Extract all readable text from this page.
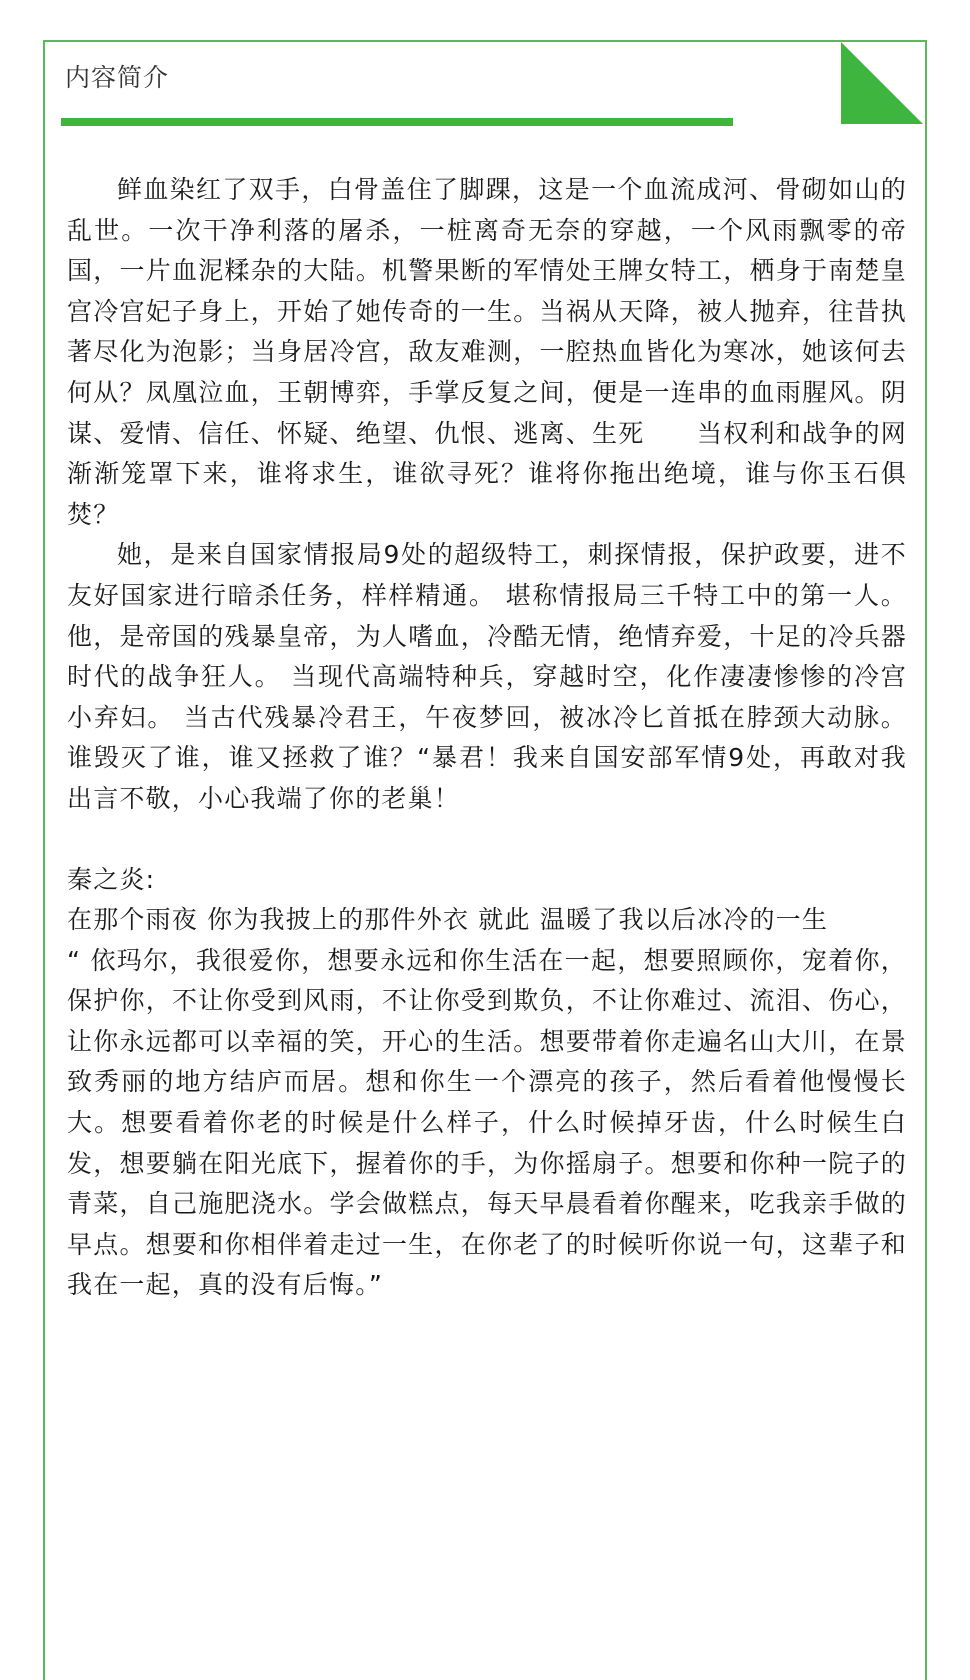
内容简介

鲜血染红了双手，白骨盖住了脚踝，这是一个血流成河、骨砌如山的乱世。一次干净利落的屠杀，一桩离奇无奈的穿越，一个风雨飘零的帝国，一片血泥糅杂的大陆。机警果断的军情处王牌女特工，栖身于南楚皇宫冷宫妃子身上，开始了她传奇的一生。当祸从天降，被人抛弃，往昔执著尽化为泡影；当身居冷宫，敌友难测，一腔热血皆化为寒冰，她该何去何从？凤凰泣血，王朝博弈，手掌反复之间，便是一连串的血雨腥风。阴谋、爱情、信任、怀疑、绝望、仇恨、逃离、生死　　当权利和战争的网渐渐笼罩下来，谁将求生，谁欲寻死？谁将你拖出绝境，谁与你玉石俱焚？

她，是来自国家情报局9处的超级特工，刺探情报，保护政要，进不友好国家进行暗杀任务，样样精通。 堪称情报局三千特工中的第一人。 他，是帝国的残暴皇帝，为人嗜血，冷酷无情，绝情弃爱，十足的冷兵器时代的战争狂人。 当现代高端特种兵，穿越时空，化作凄凄惨惨的冷宫小弃妇。 当古代残暴冷君王，午夜梦回，被冰冷匕首抵在脖颈大动脉。 谁毁灭了谁，谁又拯救了谁？“暴君！我来自国安部军情9处，再敢对我出言不敬，小心我端了你的老巢！

秦之炎:

在那个雨夜 你为我披上的那件外衣 就此 温暖了我以后冰冷的一生

“ 依玛尔，我很爱你，想要永远和你生活在一起，想要照顾你，宠着你，保护你，不让你受到风雨，不让你受到欺负，不让你难过、流泪、伤心，让你永远都可以幸福的笑，开心的生活。想要带着你走遍名山大川，在景致秀丽的地方结庐而居。想和你生一个漂亮的孩子，然后看着他慢慢长大。想要看着你老的时候是什么样子，什么时候掉牙齿，什么时候生白发，想要躺在阳光底下，握着你的手，为你摇扇子。想要和你种一院子的青菜，自己施肥浇水。学会做糕点，每天早晨看着你醒来，吃我亲手做的早点。想要和你相伴着走过一生，在你老了的时候听你说一句，这辈子和我在一起，真的没有后悔。”
